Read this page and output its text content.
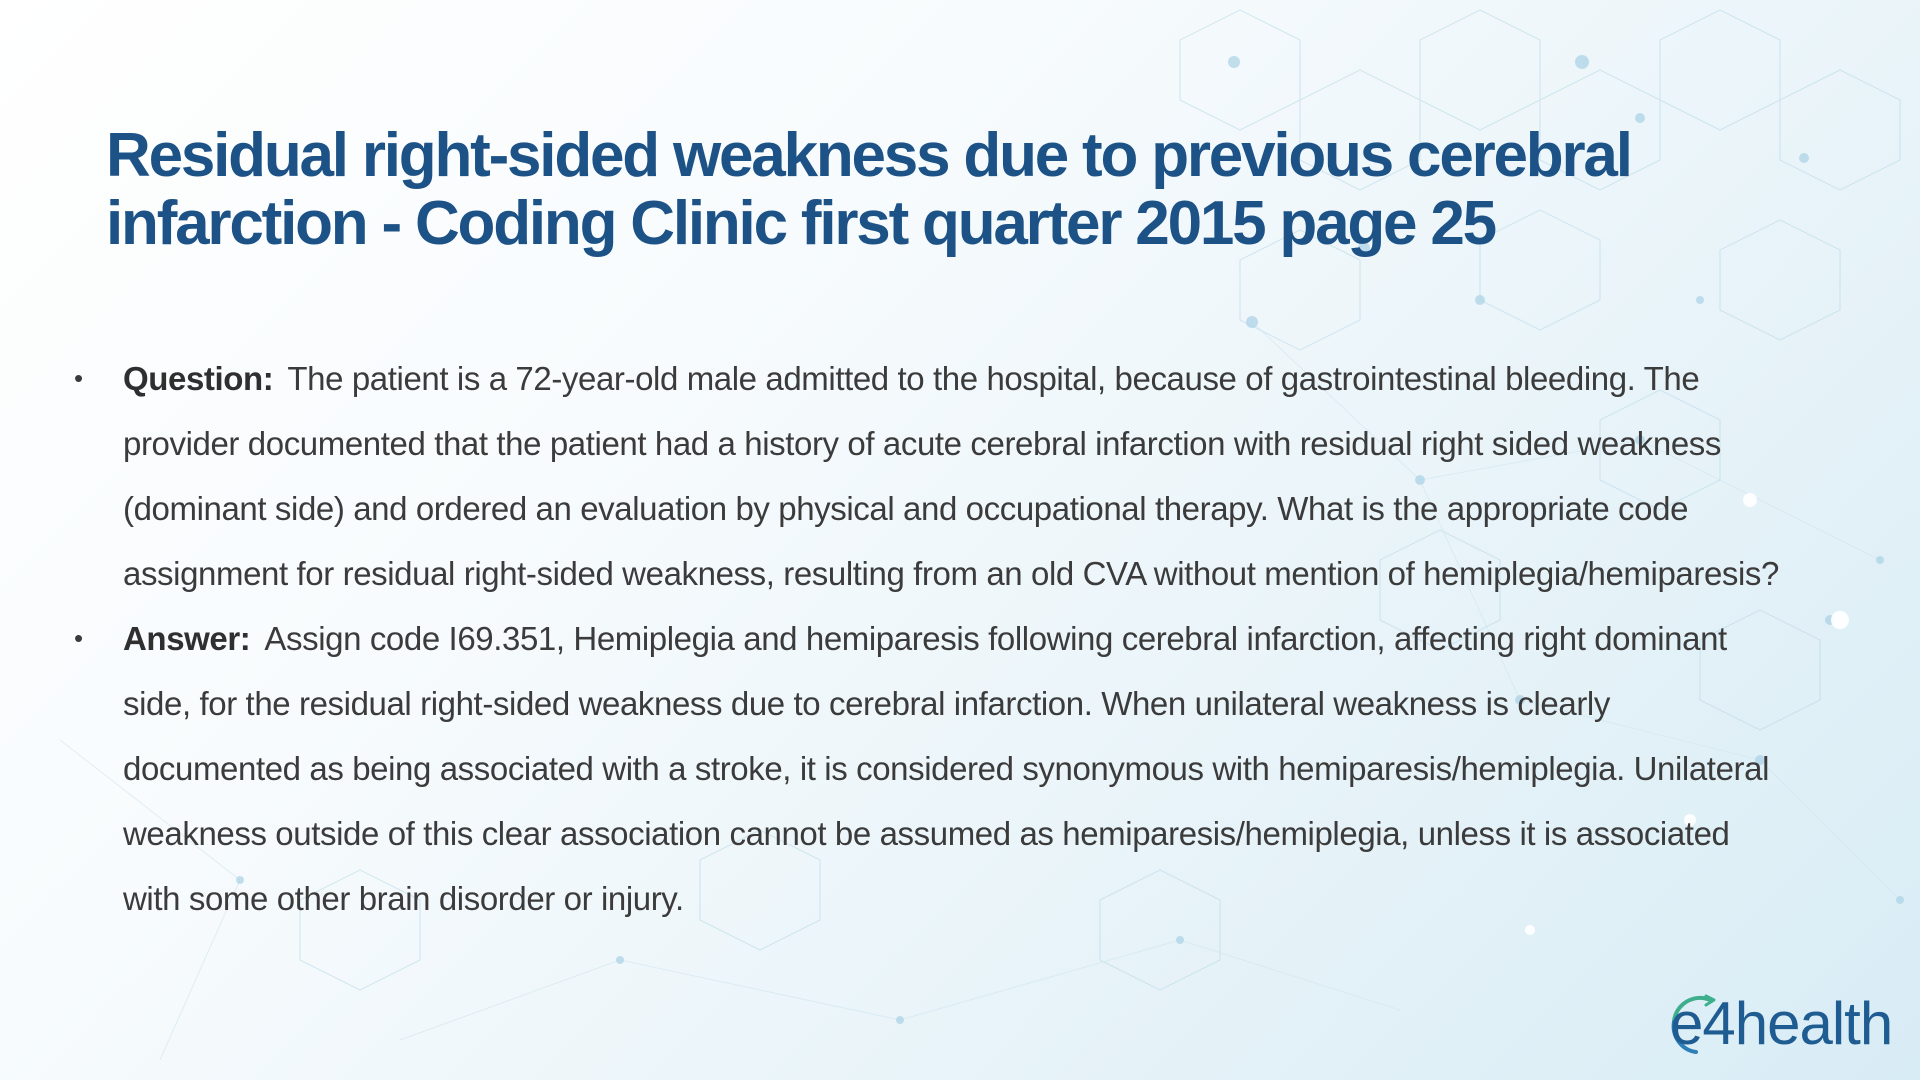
Residual right-sided weakness due to previous cerebral
infarction - Coding Clinic first quarter 2015 page 25
• Question: The patient is a 72-year-old male admitted to the hospital, because of gastrointestinal bleeding. The provider documented that the patient had a history of acute cerebral infarction with residual right sided weakness (dominant side) and ordered an evaluation by physical and occupational therapy. What is the appropriate code assignment for residual right-sided weakness, resulting from an old CVA without mention of hemiplegia/hemiparesis?
• Answer: Assign code I69.351, Hemiplegia and hemiparesis following cerebral infarction, affecting right dominant side, for the residual right-sided weakness due to cerebral infarction. When unilateral weakness is clearly documented as being associated with a stroke, it is considered synonymous with hemiparesis/hemiplegia. Unilateral weakness outside of this clear association cannot be assumed as hemiparesis/hemiplegia, unless it is associated with some other brain disorder or injury.
e4health
